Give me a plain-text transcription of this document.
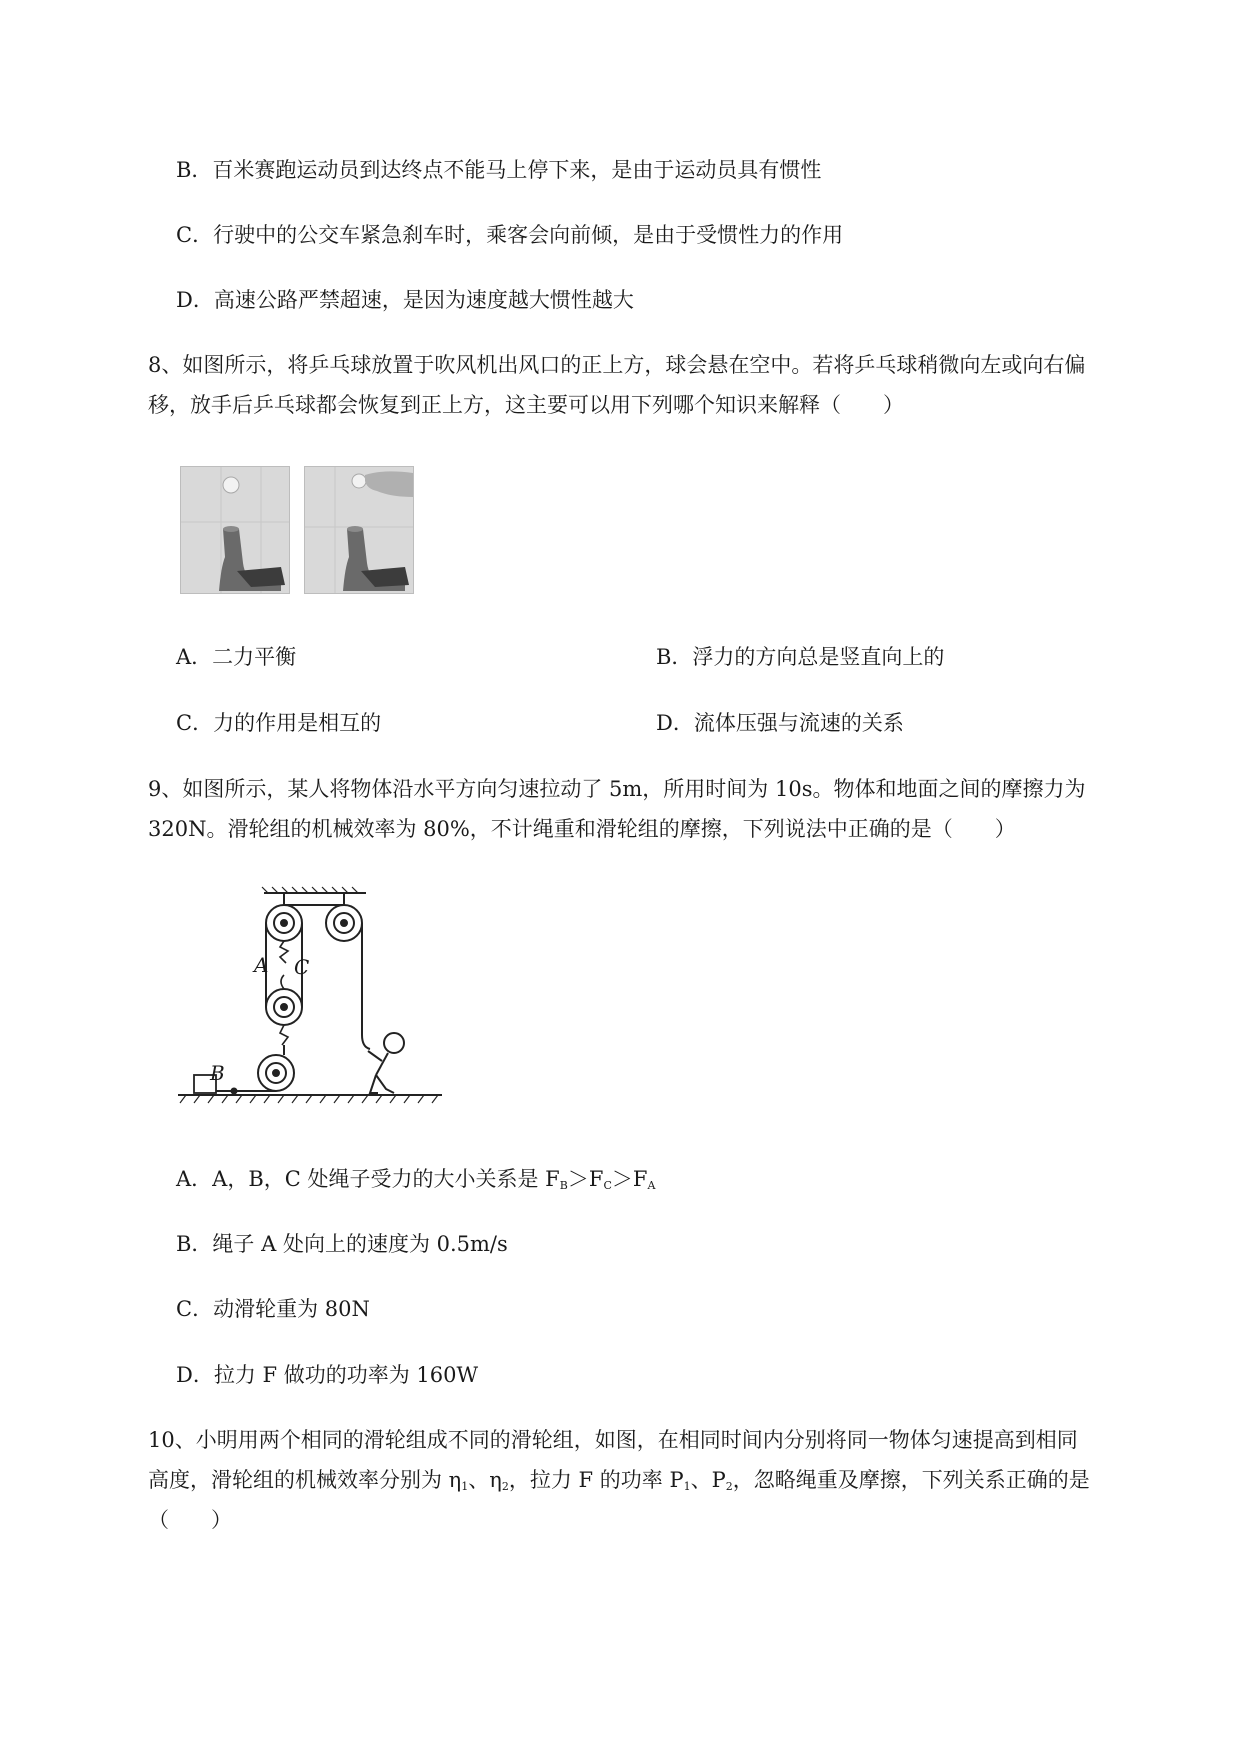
B．百米赛跑运动员到达终点不能马上停下来，是由于运动员具有惯性
C．行驶中的公交车紧急刹车时，乘客会向前倾，是由于受惯性力的作用
D．高速公路严禁超速，是因为速度越大惯性越大
8、如图所示，将乒乓球放置于吹风机出风口的正上方，球会悬在空中。若将乒乓球稍微向左或向右偏
移，放手后乒乓球都会恢复到正上方，这主要可以用下列哪个知识来解释（　　）
A．二力平衡	B．浮力的方向总是竖直向上的
C．力的作用是相互的	D．流体压强与流速的关系
9、如图所示，某人将物体沿水平方向匀速拉动了 5m，所用时间为 10s。物体和地面之间的摩擦力为
320N。滑轮组的机械效率为 80%，不计绳重和滑轮组的摩擦，下列说法中正确的是（　　）
A
B
C
A．A，B，C 处绳子受力的大小关系是 $F_B>F_C>F_A$
B．绳子 A 处向上的速度为 0.5m/s
C．动滑轮重为 80N
D．拉力 F 做功的功率为 160W
10、小明用两个相同的滑轮组成不同的滑轮组，如图，在相同时间内分别将同一物体匀速提高到相同
高度，滑轮组的机械效率分别为 $\eta_1$、$\eta_2$，拉力 F 的功率 $P_1$、$P_2$，忽略绳重及摩擦，下列关系正确的是
（　　）
